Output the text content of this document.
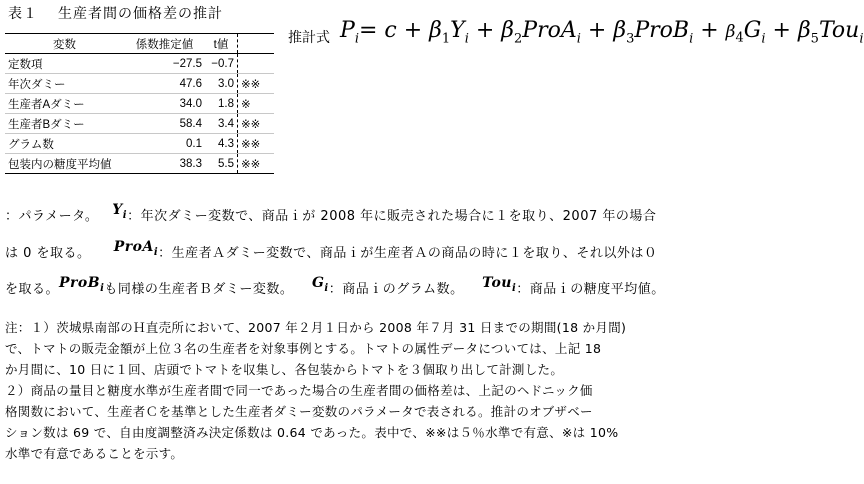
表１ 生産者間の価格差の推計
変数	係数推定値	t値	
定数項	−27.5	−0.7	
年次ダミー	47.6	3.0	※※
生産者Aダミー	34.0	1.8	※
生産者Bダミー	58.4	3.4	※※
グラム数	0.1	4.3	※※
包装内の糖度平均値	38.3	5.5	※※
推計式 $P_i= c + \beta_1Y_i$ + $\beta_2ProA_i$ + $\beta_3ProB_i + \beta_4G_i + \beta_5Tou_i$
：パラメータ。 $Y_i$：年次ダミー変数で、商品ｉが 2008 年に販売された場合に１を取り、2007 年の場合
は 0 を取る。 ProA$_i$：生産者Ａダミー変数で、商品ｉが生産者Ａの商品の時に１を取り、それ以外は０
を取る。ProB$_i$も同様の生産者Ｂダミー変数。 $G_i$：商品ｉのグラム数。 Tou$_i$：商品ｉの糖度平均値。
注：１）茨城県南部のＨ直売所において、2007 年２月１日から 2008 年７月 31 日までの期間(18 か月間)
で、トマトの販売金額が上位３名の生産者を対象事例とする。トマトの属性データについては、上記 18
か月間に、10 日に１回、店頭でトマトを収集し、各包装からトマトを３個取り出して計測した。
２）商品の量目と糖度水準が生産者間で同一であった場合の生産者間の価格差は、上記のヘドニック価
格関数において、生産者Ｃを基準とした生産者ダミー変数のパラメータで表される。推計のオブザベー
ション数は 69 で、自由度調整済み決定係数は 0.64 であった。表中で、※※は５％水準で有意、※は 10%
水準で有意であることを示す。
